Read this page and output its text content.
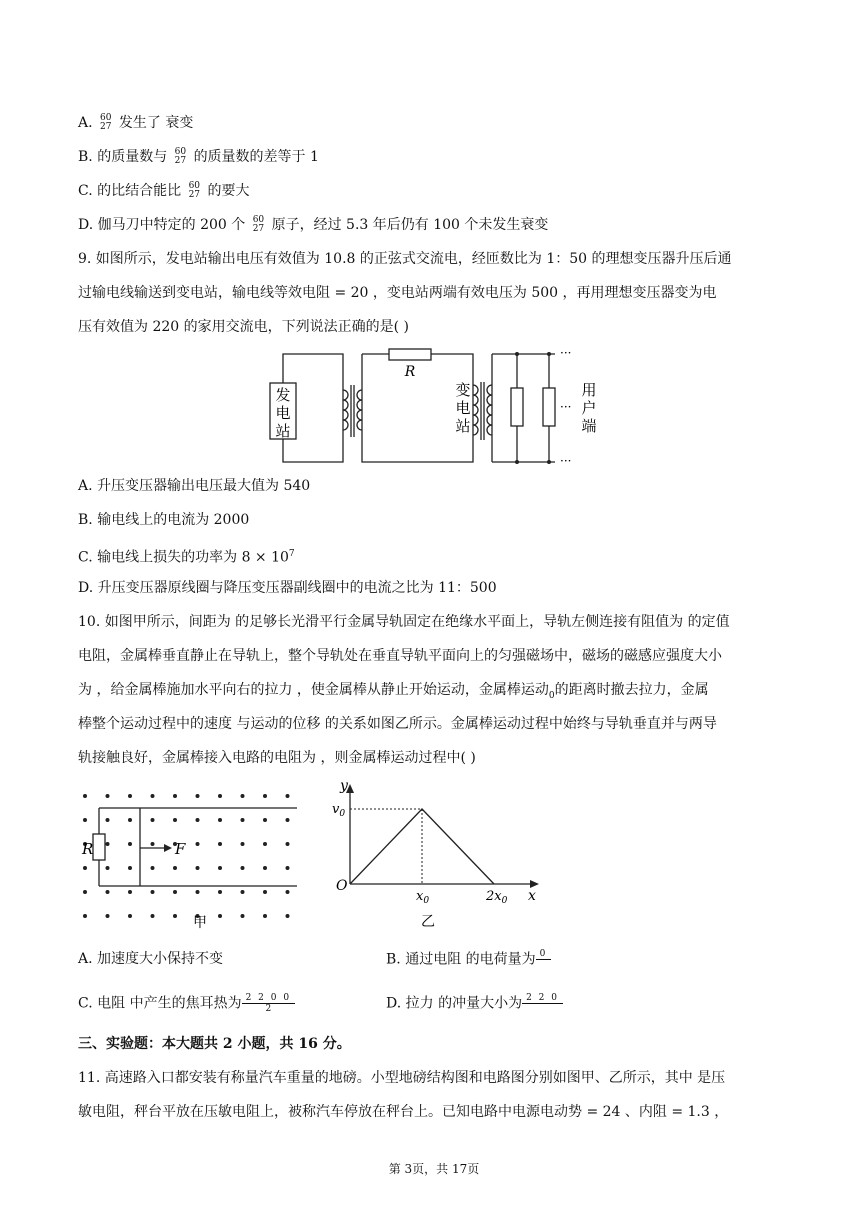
A. 60
27 发生了 衰变
B. 的质量数与 60
27 的质量数的差等于 1
C. 的比结合能比 60
27 的要大
D. 伽马刀中特定的 200 个 60
27 原子，经过 5.3 年后仍有 100 个未发生衰变
9. 如图所示，发电站输出电压有效值为 10.8 的正弦式交流电，经匝数比为 1：50 的理想变压器升压后通
过输电线输送到变电站，输电线等效电阻 = 20 ，变电站两端有效电压为 500 ，再用理想变压器变为电
压有效值为 220 的家用交流电，下列说法正确的是( )
发
电
站
R
变
电
站
···
···
···
用
户
端
A. 升压变压器输出电压最大值为 540
B. 输电线上的电流为 2000
C. 输电线上损失的功率为 $8 \times 10^7$
D. 升压变压器原线圈与降压变压器副线圈中的电流之比为 11：500
10. 如图甲所示，间距为 的足够长光滑平行金属导轨固定在绝缘水平面上，导轨左侧连接有阻值为 的定值
电阻，金属棒垂直静止在导轨上，整个导轨处在垂直导轨平面向上的匀强磁场中，磁场的磁感应强度大小
为 ，给金属棒施加水平向右的拉力 ，使金属棒从静止开始运动，金属棒运动$_0$的距离时撤去拉力，金属
棒整个运动过程中的速度 与运动的位移 的关系如图乙所示。金属棒运动过程中始终与导轨垂直并与两导
轨接触良好，金属棒接入电路的电阻为 ，则金属棒运动过程中( )
R	F
甲
y
$v_0$
O
$x_0$	$2x_0$ x
乙
A. 加速度大小保持不变	B. 通过电阻 的电荷量为 0

C. 电阻 中产生的焦耳热为 $\frac{2 2 0 0}{2}$	D. 拉力 的冲量大小为 2 2 0

三、实验题：本大题共 2 小题，共 16 分。
11. 高速路入口都安装有称量汽车重量的地磅。小型地磅结构图和电路图分别如图甲、乙所示，其中 是压
敏电阻，秤台平放在压敏电阻上，被称汽车停放在秤台上。已知电路中电源电动势 = 24 、内阻 = 1.3 ，
第 3页，共 17页
